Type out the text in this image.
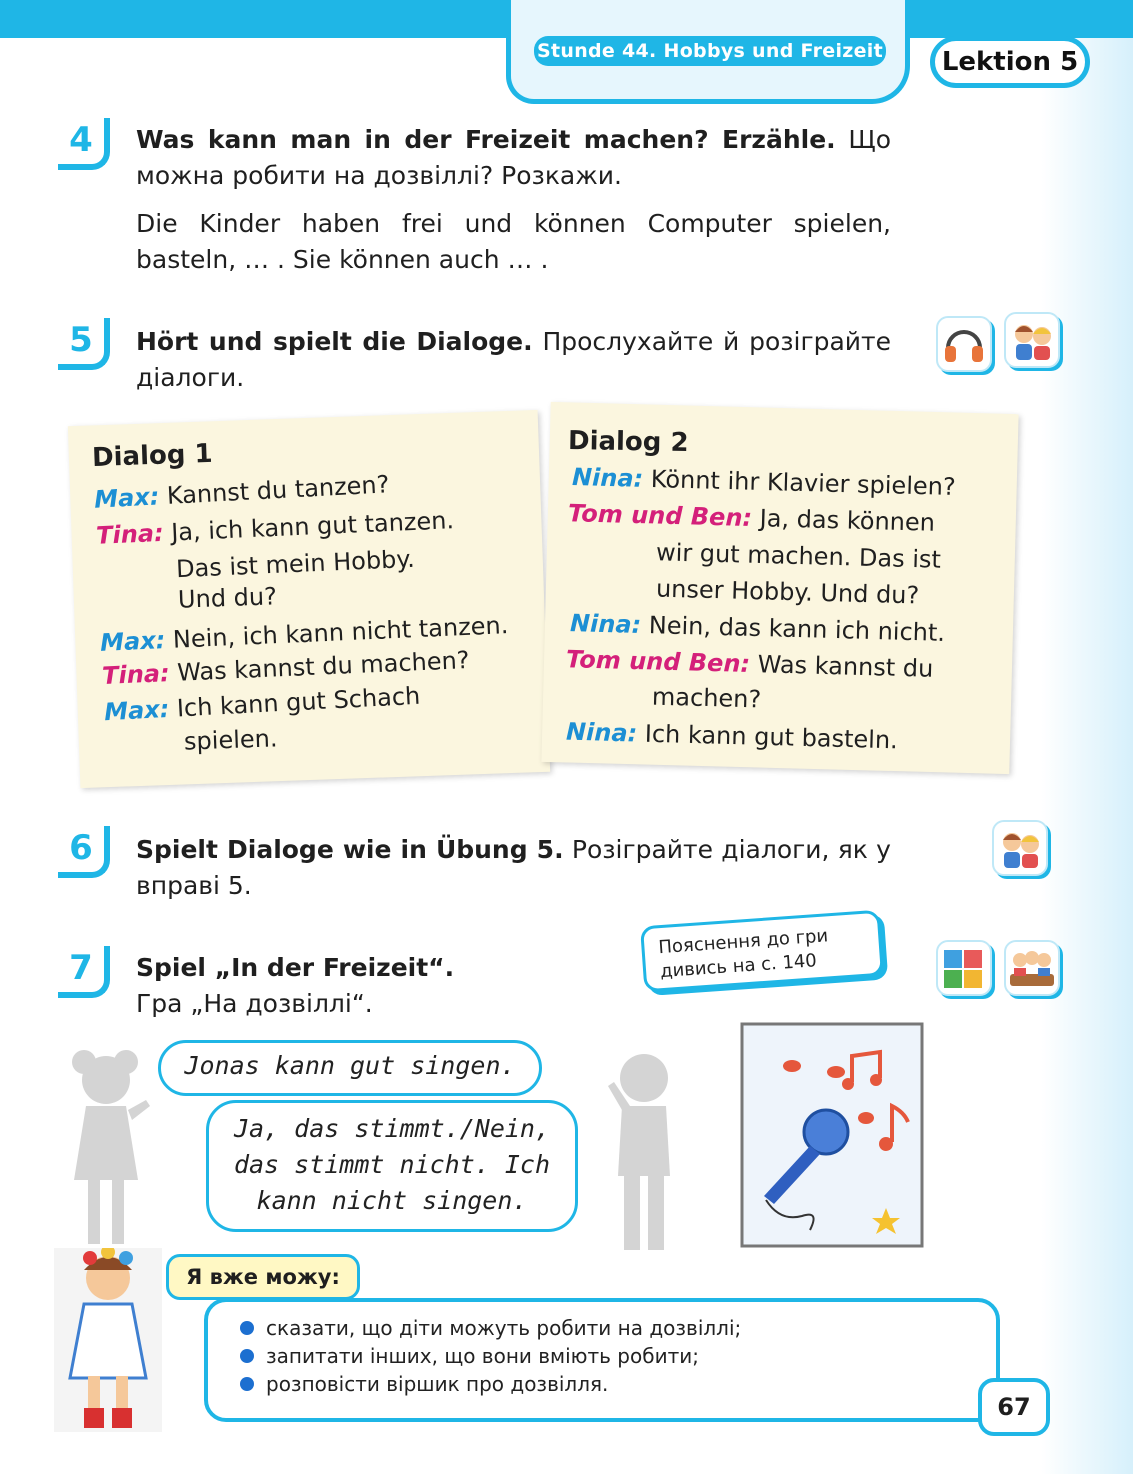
Stunde 44. Hobbys und Freizeit	Lektion 5
4	Was kann man in der Freizeit machen? Erzähle. Що можна робити на дозвіллі? Розкажи.
Die Kinder haben frei und können Computer spielen, basteln, … . Sie können auch … .
5	Hört und spielt die Dialoge. Прослухайте й розіграйте діалоги.
Dialog 1
Max: Kannst du tanzen?
Tina: Ja, ich kann gut tanzen.
Das ist mein Hobby.
Und du?
Max: Nein, ich kann nicht tanzen.
Tina: Was kannst du machen?
Max: Ich kann gut Schach
spielen.
Dialog 2
Nina: Könnt ihr Klavier spielen?
Tom und Ben: Ja, das können
wir gut machen. Das ist
unser Hobby. Und du?
Nina: Nein, das kann ich nicht.
Tom und Ben: Was kannst du
machen?
Nina: Ich kann gut basteln.
6	Spielt Dialoge wie in Übung 5. Розіграйте діалоги, як у вправі 5.
7	Spiel „In der Freizeit“.
Гра „На дозвіллі“.
Пояснення до гри
дивись на с. 140
Jonas kann gut singen.
Ja, das stimmt./Nein,
das stimmt nicht. Ich
kann nicht singen.
Я вже можу:
сказати, що діти можуть робити на дозвіллі;
запитати інших, що вони вміють робити;
розповісти віршик про дозвілля.
67
